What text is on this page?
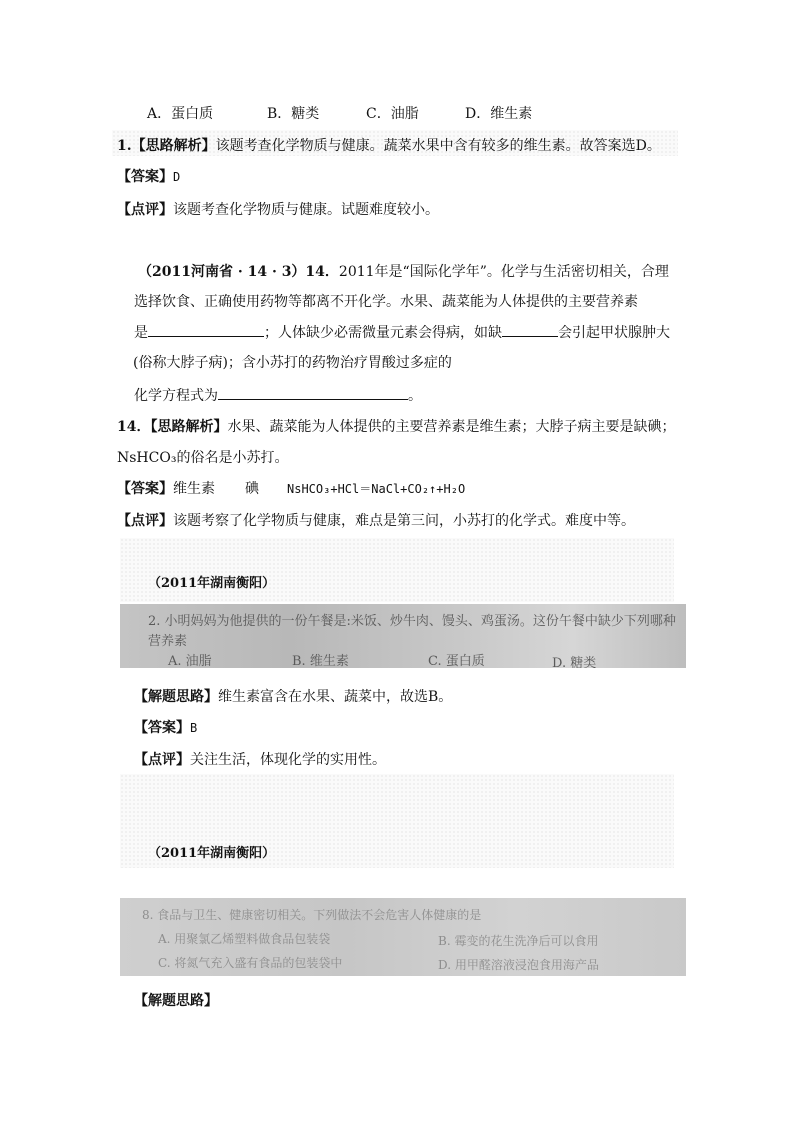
A．蛋白质	B．糖类	C．油脂	D．维生素
1.【思路解析】该题考查化学物质与健康。蔬菜水果中含有较多的维生素。故答案选D。
【答案】D
【点评】该题考查化学物质与健康。试题难度较小。
（2011河南省 · 14 · 3）14．2011年是“国际化学年”。化学与生活密切相关，合理
选择饮食、正确使用药物等都离不开化学。水果、蔬菜能为人体提供的主要营养素
是	；人体缺少必需微量元素会得病，如缺	会引起甲状腺肿大
(俗称大脖子病)；含小苏打的药物治疗胃酸过多症的
化学方程式为	。
14．【思路解析】水果、蔬菜能为人体提供的主要营养素是维生素；大脖子病主要是缺碘；
NsHCO₃的俗名是小苏打。
【答案】维生素 碘 NsHCO₃+HCl＝NaCl+CO₂↑+H₂O
【点评】该题考察了化学物质与健康，难点是第三问，小苏打的化学式。难度中等。
（2011年湖南衡阳）
2. 小明妈妈为他提供的一份午餐是:米饭、炒牛肉、馒头、鸡蛋汤。这份午餐中缺少下列哪种
营养素
A. 油脂	B. 维生素	C. 蛋白质	D. 糖类
【解题思路】维生素富含在水果、蔬菜中，故选B。
【答案】B
【点评】关注生活，体现化学的实用性。
（2011年湖南衡阳）
8. 食品与卫生、健康密切相关。下列做法不会危害人体健康的是
A. 用聚氯乙烯塑料做食品包装袋	B. 霉变的花生洗净后可以食用
C. 将氮气充入盛有食品的包装袋中	D. 用甲醛溶液浸泡食用海产品
【解题思路】
